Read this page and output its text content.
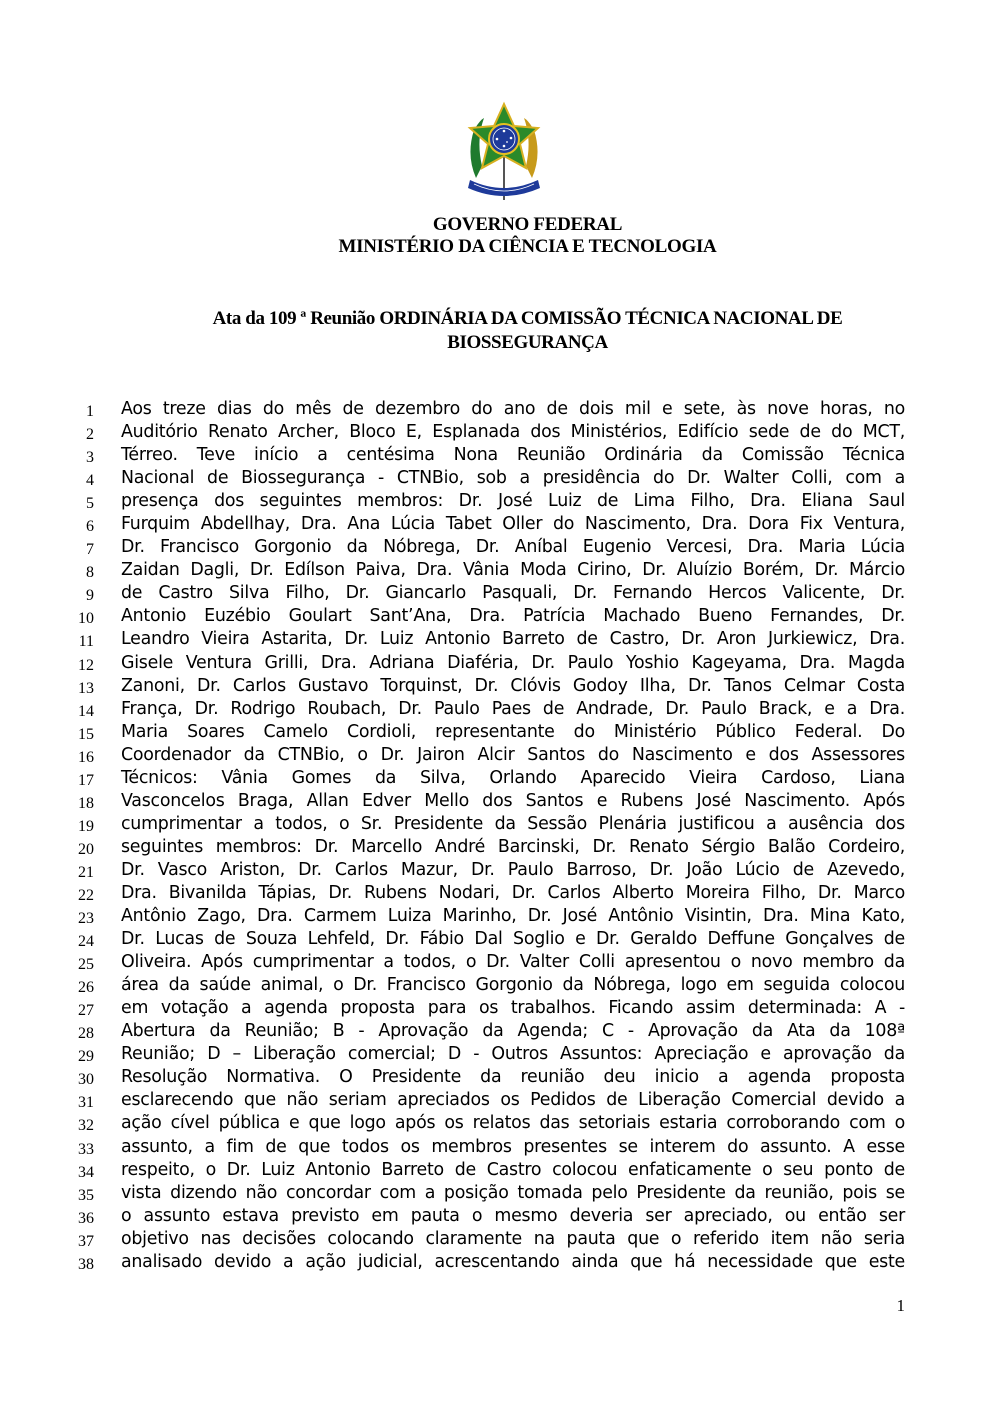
GOVERNO FEDERAL
MINISTÉRIO DA CIÊNCIA E TECNOLOGIA
Ata da 109 ª Reunião ORDINÁRIA DA COMISSÃO TÉCNICA NACIONAL DE BIOSSEGURANÇA
1 Aos treze dias do mês de dezembro do ano de dois mil e sete, às nove horas, no
2 Auditório Renato Archer, Bloco E, Esplanada dos Ministérios, Edifício sede de do MCT,
3 Térreo. Teve início a centésima Nona Reunião Ordinária da Comissão Técnica
4 Nacional de Biossegurança - CTNBio, sob a presidência do Dr. Walter Colli, com a
5 presença dos seguintes membros: Dr. José Luiz de Lima Filho, Dra. Eliana Saul
6 Furquim Abdellhay, Dra. Ana Lúcia Tabet Oller do Nascimento, Dra. Dora Fix Ventura,
7 Dr. Francisco Gorgonio da Nóbrega, Dr. Aníbal Eugenio Vercesi, Dra. Maria Lúcia
8 Zaidan Dagli, Dr. Edílson Paiva, Dra. Vânia Moda Cirino, Dr. Aluízio Borém, Dr. Márcio
9 de Castro Silva Filho, Dr. Giancarlo Pasquali, Dr. Fernando Hercos Valicente, Dr.
10 Antonio Euzébio Goulart Sant’Ana, Dra. Patrícia Machado Bueno Fernandes, Dr.
11 Leandro Vieira Astarita, Dr. Luiz Antonio Barreto de Castro, Dr. Aron Jurkiewicz, Dra.
12 Gisele Ventura Grilli, Dra. Adriana Diaféria, Dr. Paulo Yoshio Kageyama, Dra. Magda
13 Zanoni, Dr. Carlos Gustavo Torquinst, Dr. Clóvis Godoy Ilha, Dr. Tanos Celmar Costa
14 França, Dr. Rodrigo Roubach, Dr. Paulo Paes de Andrade, Dr. Paulo Brack, e a Dra.
15 Maria Soares Camelo Cordioli, representante do Ministério Público Federal. Do
16 Coordenador da CTNBio, o Dr. Jairon Alcir Santos do Nascimento e dos Assessores
17 Técnicos: Vânia Gomes da Silva, Orlando Aparecido Vieira Cardoso, Liana
18 Vasconcelos Braga, Allan Edver Mello dos Santos e Rubens José Nascimento. Após
19 cumprimentar a todos, o Sr. Presidente da Sessão Plenária justificou a ausência dos
20 seguintes membros: Dr. Marcello André Barcinski, Dr. Renato Sérgio Balão Cordeiro,
21 Dr. Vasco Ariston, Dr. Carlos Mazur, Dr. Paulo Barroso, Dr. João Lúcio de Azevedo,
22 Dra. Bivanilda Tápias, Dr. Rubens Nodari, Dr. Carlos Alberto Moreira Filho, Dr. Marco
23 Antônio Zago, Dra. Carmem Luiza Marinho, Dr. José Antônio Visintin, Dra. Mina Kato,
24 Dr. Lucas de Souza Lehfeld, Dr. Fábio Dal Soglio e Dr. Geraldo Deffune Gonçalves de
25 Oliveira. Após cumprimentar a todos, o Dr. Valter Colli apresentou o novo membro da
26 área da saúde animal, o Dr. Francisco Gorgonio da Nóbrega, logo em seguida colocou
27 em votação a agenda proposta para os trabalhos. Ficando assim determinada: A -
28 Abertura da Reunião; B - Aprovação da Agenda; C - Aprovação da Ata da 108ª
29 Reunião; D – Liberação comercial; D - Outros Assuntos: Apreciação e aprovação da
30 Resolução Normativa. O Presidente da reunião deu inicio a agenda proposta
31 esclarecendo que não seriam apreciados os Pedidos de Liberação Comercial devido a
32 ação cível pública e que logo após os relatos das setoriais estaria corroborando com o
33 assunto, a fim de que todos os membros presentes se interem do assunto. A esse
34 respeito, o Dr. Luiz Antonio Barreto de Castro colocou enfaticamente o seu ponto de
35 vista dizendo não concordar com a posição tomada pelo Presidente da reunião, pois se
36 o assunto estava previsto em pauta o mesmo deveria ser apreciado, ou então ser
37 objetivo nas decisões colocando claramente na pauta que o referido item não seria
38 analisado devido a ação judicial, acrescentando ainda que há necessidade que este
1
